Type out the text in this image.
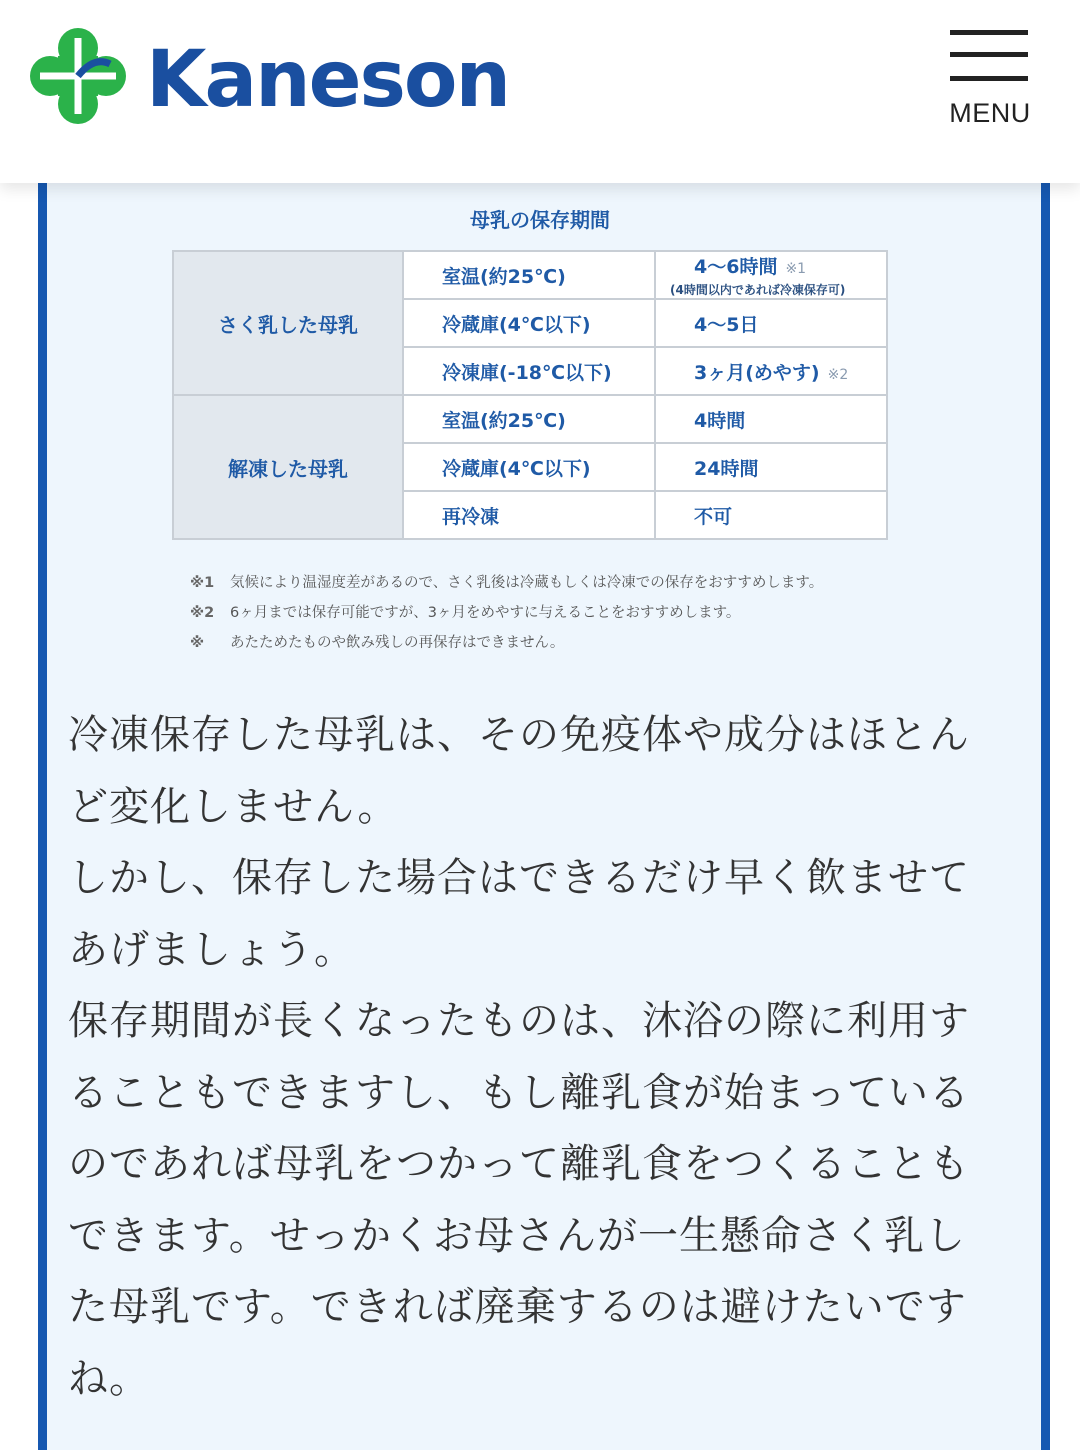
Kaneson	MENU
母乳の保存期間
さく乳した母乳	室温(約25℃)	4〜6時間 ※1
(4時間以内であれば冷凍保存可)

	冷蔵庫(4℃以下)	4〜5日
	冷凍庫(-18℃以下)	3ヶ月(めやす) ※2
解凍した母乳	室温(約25℃)	4時間
	冷蔵庫(4℃以下)	24時間
	再冷凍	不可
※1 気候により温湿度差があるので、さく乳後は冷蔵もしくは冷凍での保存をおすすめします。
※2 6ヶ月までは保存可能ですが、3ヶ月をめやすに与えることをおすすめします。
※ あたためたものや飲み残しの再保存はできません。

冷凍保存した母乳は、その免疫体や成分はほとんど変化しません。

しかし、保存した場合はできるだけ早く飲ませてあげましょう。

保存期間が長くなったものは、沐浴の際に利用することもできますし、もし離乳食が始まっているのであれば母乳をつかって離乳食をつくることもできます。せっかくお母さんが一生懸命さく乳した母乳です。できれば廃棄するのは避けたいですね。
